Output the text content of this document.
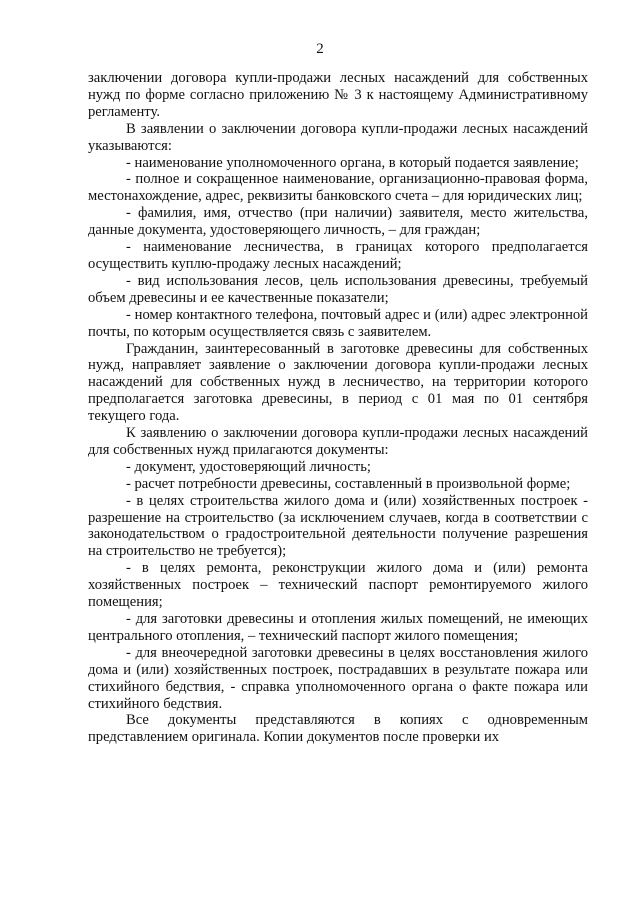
2

заключении договора купли-продажи лесных насаждений для собственных нужд по форме согласно приложению № 3 к настоящему Административному регламенту.

В заявлении о заключении договора купли-продажи лесных насаждений указываются:

- наименование уполномоченного органа, в который подается заявление;

- полное и сокращенное наименование, организационно-правовая форма, местонахождение, адрес, реквизиты банковского счета – для юридических лиц;

- фамилия, имя, отчество (при наличии) заявителя, место жительства, данные документа, удостоверяющего личность, – для граждан;

- наименование лесничества, в границах которого предполагается осуществить куплю-продажу лесных насаждений;

- вид использования лесов, цель использования древесины, требуемый объем древесины и ее качественные показатели;

- номер контактного телефона, почтовый адрес и (или) адрес электронной почты, по которым осуществляется связь с заявителем.

Гражданин, заинтересованный в заготовке древесины для собственных нужд, направляет заявление о заключении договора купли-продажи лесных насаждений для собственных нужд в лесничество, на территории которого предполагается заготовка древесины, в период с 01 мая по 01 сентября текущего года.

К заявлению о заключении договора купли-продажи лесных насаждений для собственных нужд прилагаются документы:

- документ, удостоверяющий личность;

- расчет потребности древесины, составленный в произвольной форме;

- в целях строительства жилого дома и (или) хозяйственных построек - разрешение на строительство (за исключением случаев, когда в соответствии с законодательством о градостроительной деятельности получение разрешения на строительство не требуется);

- в целях ремонта, реконструкции жилого дома и (или) ремонта хозяйственных построек – технический паспорт ремонтируемого жилого помещения;

- для заготовки древесины и отопления жилых помещений, не имеющих центрального отопления, – технический паспорт жилого помещения;

- для внеочередной заготовки древесины в целях восстановления жилого дома и (или) хозяйственных построек, пострадавших в результате пожара или стихийного бедствия, - справка уполномоченного органа о факте пожара или стихийного бедствия.

Все документы представляются в копиях с одновременным представлением оригинала. Копии документов после проверки их
